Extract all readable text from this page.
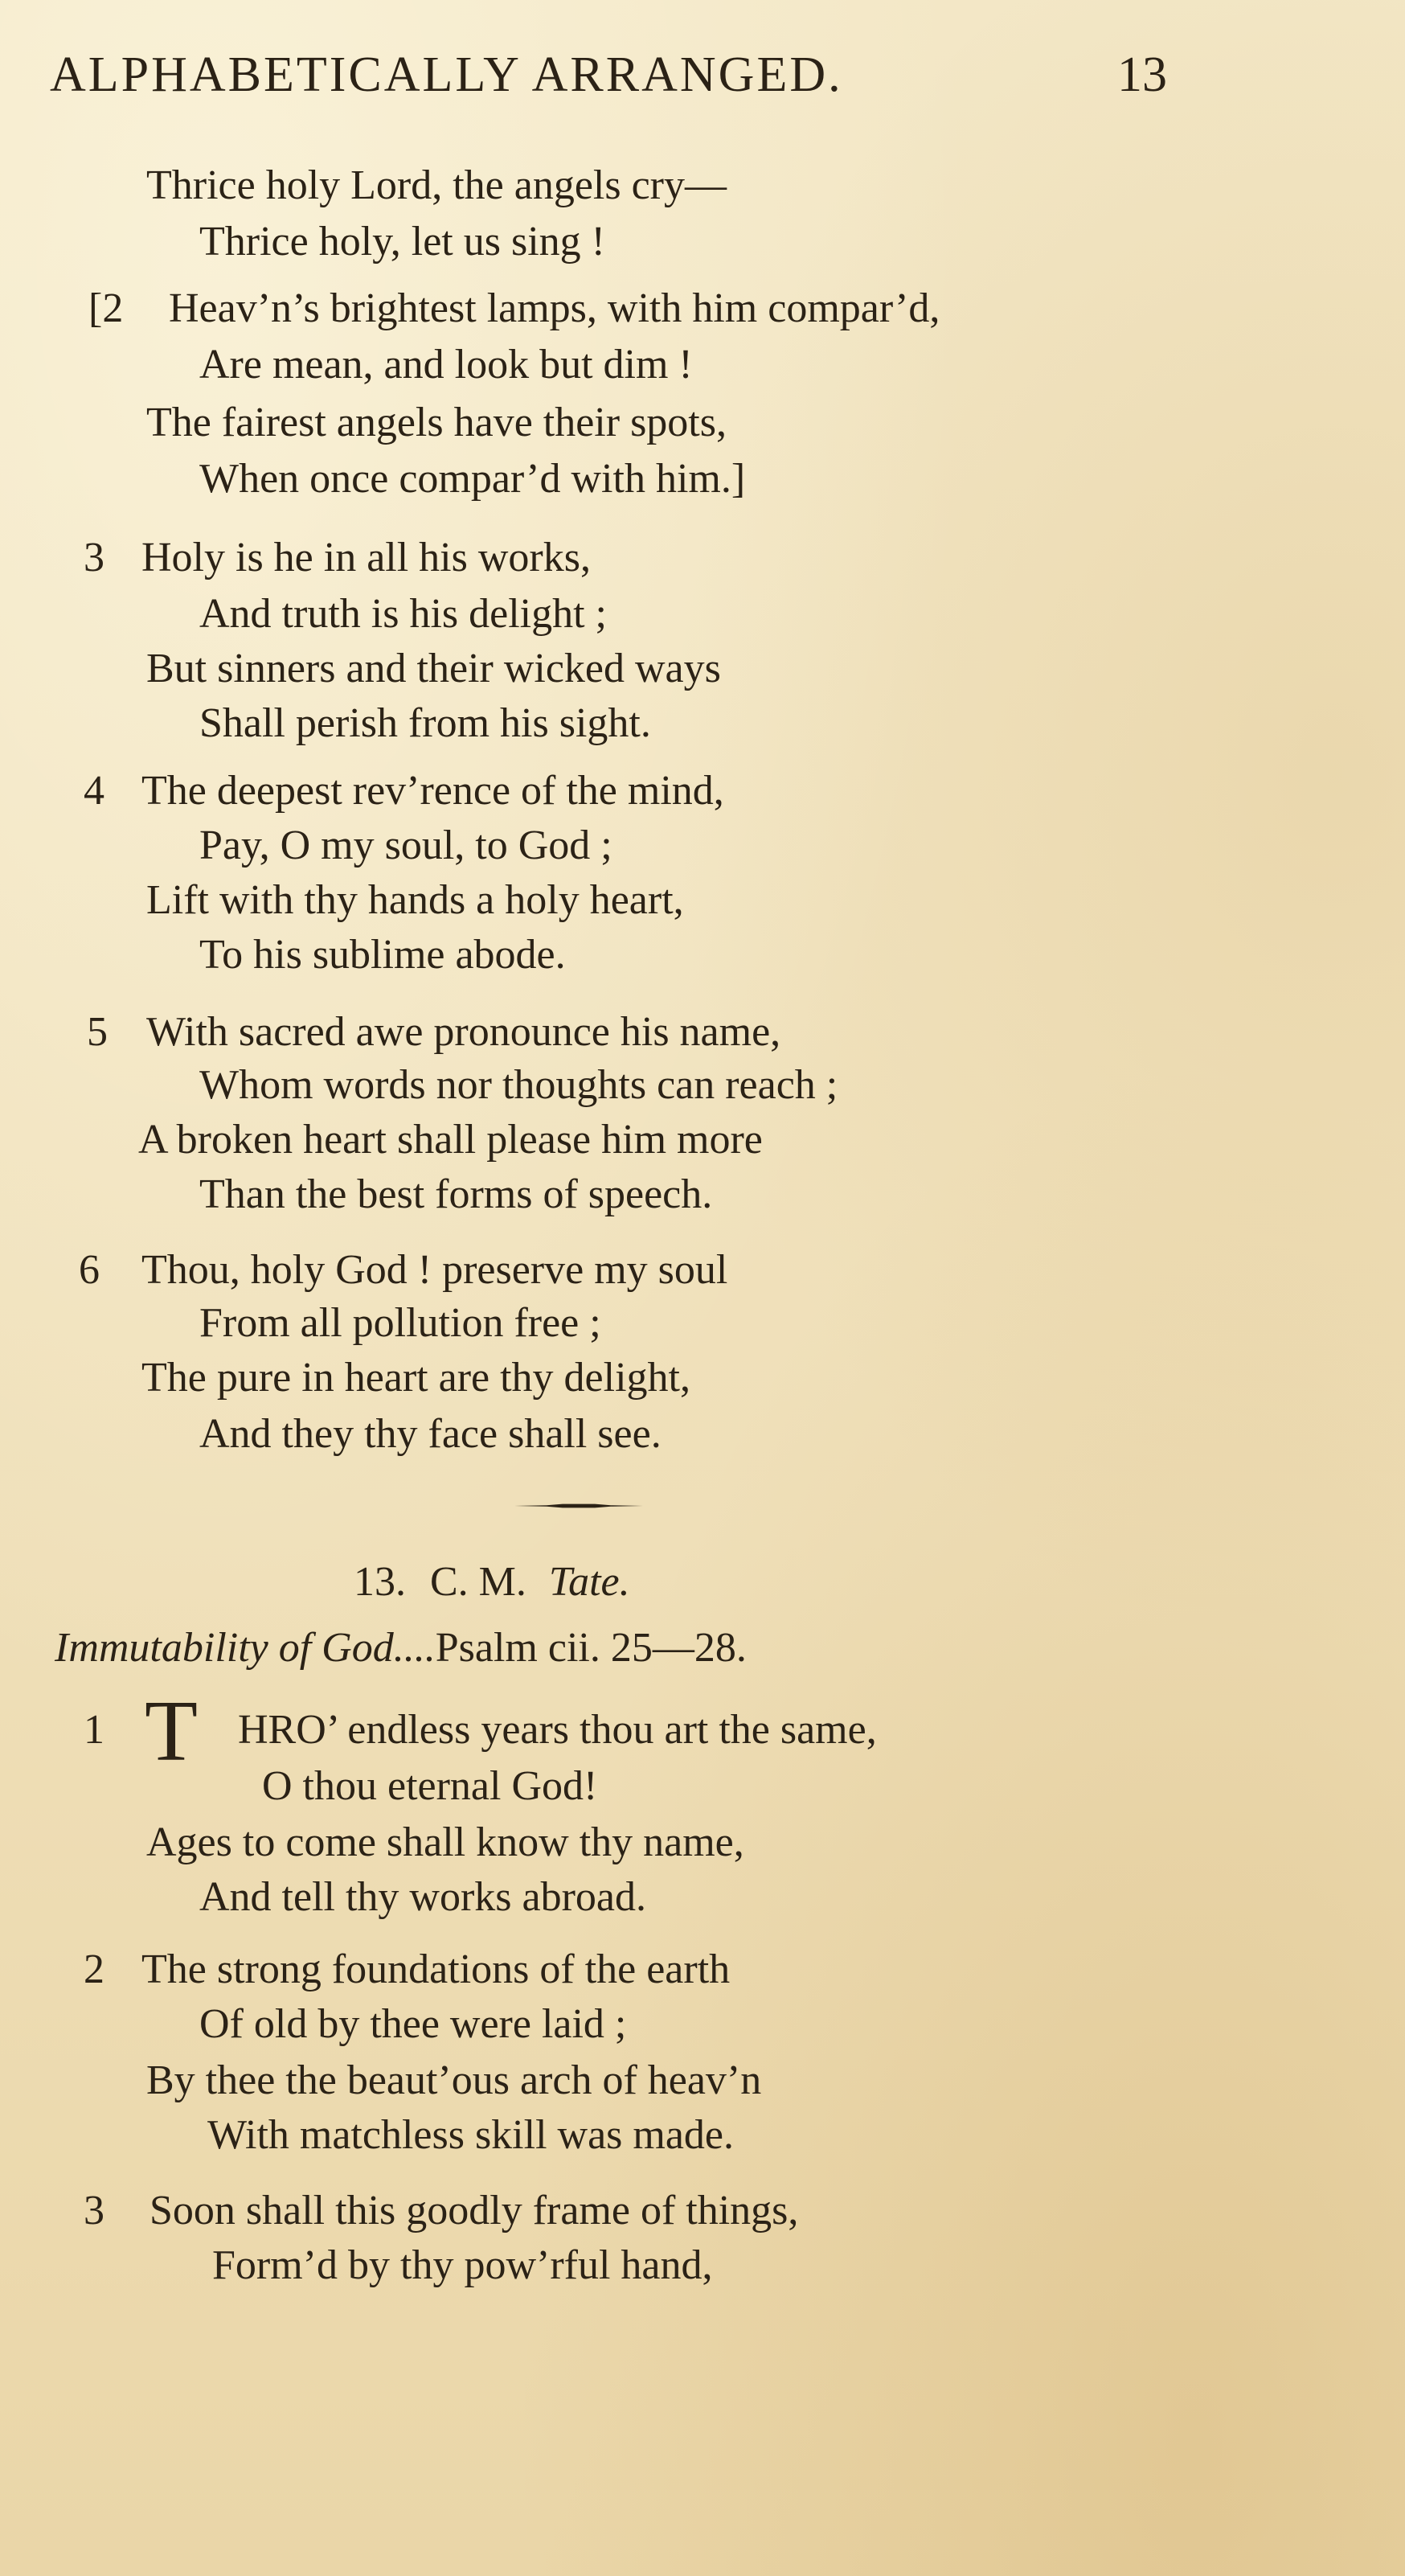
ALPHABETICALLY ARRANGED.	13
Thrice holy Lord, the angels cry—
Thrice holy, let us sing !
[2 Heav’n’s brightest lamps, with him compar’d,
Are mean, and look but dim !
The fairest angels have their spots,
When once compar’d with him.]
3 Holy is he in all his works,
And truth is his delight ;
But sinners and their wicked ways
Shall perish from his sight.
4 The deepest rev’rence of the mind,
Pay, O my soul, to God ;
Lift with thy hands a holy heart,
To his sublime abode.
5 With sacred awe pronounce his name,
Whom words nor thoughts can reach ;
A broken heart shall please him more
Than the best forms of speech.
6 Thou, holy God ! preserve my soul
From all pollution free ;
The pure in heart are thy delight,
And they thy face shall see.
13. C. M. Tate.
Immutability of God....Psalm cii. 25—28.
1 T HRO’ endless years thou art the same,
O thou eternal God!
Ages to come shall know thy name,
And tell thy works abroad.
2 The strong foundations of the earth
Of old by thee were laid ;
By thee the beaut’ous arch of heav’n
With matchless skill was made.
3 Soon shall this goodly frame of things,
Form’d by thy pow’rful hand,
